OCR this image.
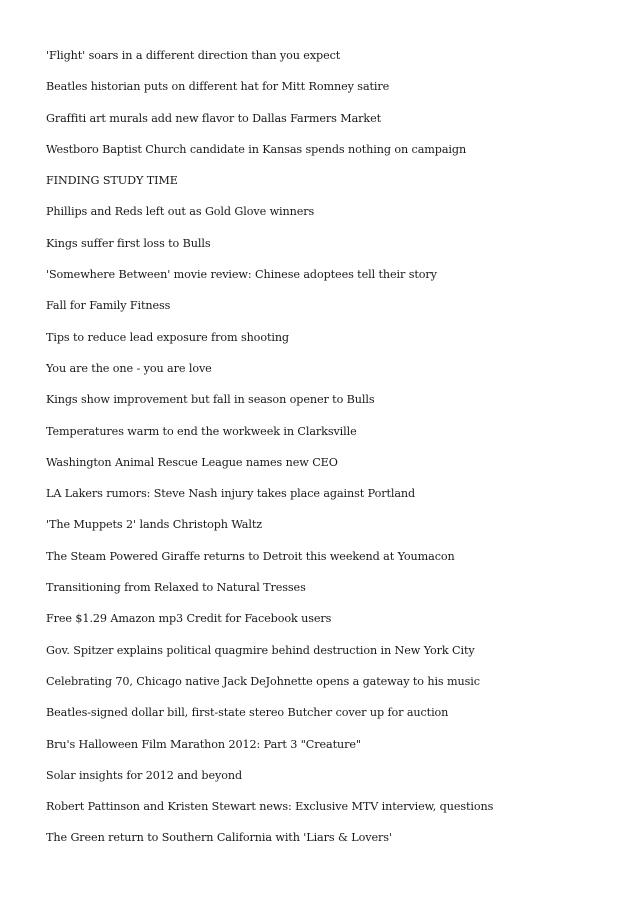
'Flight' soars in a different direction than you expect
Beatles historian puts on different hat for Mitt Romney satire
Graffiti art murals add new flavor to Dallas Farmers Market
Westboro Baptist Church candidate in Kansas spends nothing on campaign
FINDING STUDY TIME
Phillips and Reds left out as Gold Glove winners
Kings suffer first loss to Bulls
'Somewhere Between' movie review: Chinese adoptees tell their story
Fall for Family Fitness
Tips to reduce lead exposure from shooting
You are the one - you are love
Kings show improvement but fall in season opener to Bulls
Temperatures warm to end the workweek in Clarksville
Washington Animal Rescue League names new CEO
LA Lakers rumors: Steve Nash injury takes place against Portland
'The Muppets 2' lands Christoph Waltz
The Steam Powered Giraffe returns to Detroit this weekend at Youmacon
Transitioning from Relaxed to Natural Tresses
Free $1.29 Amazon mp3 Credit for Facebook users
Gov. Spitzer explains political quagmire behind destruction in New York City
Celebrating 70, Chicago native Jack DeJohnette opens a gateway to his music
Beatles-signed dollar bill, first-state stereo Butcher cover up for auction
Bru's Halloween Film Marathon 2012: Part 3 "Creature"
Solar insights for 2012 and beyond
Robert Pattinson and Kristen Stewart news: Exclusive MTV interview, questions
The Green return to Southern California with 'Liars & Lovers'
